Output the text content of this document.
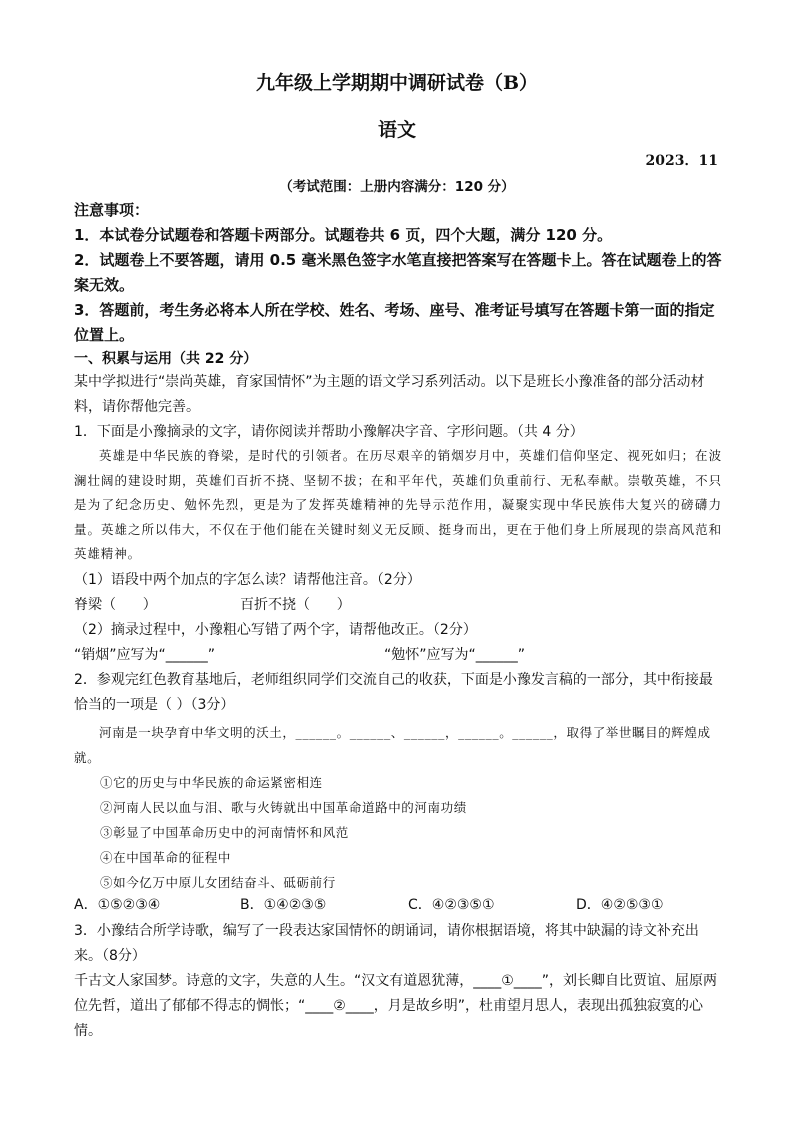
九年级上学期期中调研试卷（B）
语文
2023．11
（考试范围：上册内容满分：120 分）

注意事项：

1．本试卷分试题卷和答题卡两部分。试题卷共 6 页，四个大题，满分 120 分。

2．试题卷上不要答题，请用 0.5 毫米黑色签字水笔直接把答案写在答题卡上。答在试题卷上的答案无效。

3．答题前，考生务必将本人所在学校、姓名、考场、座号、准考证号填写在答题卡第一面的指定位置上。

一、积累与运用（共 22 分）
某中学拟进行“崇尚英雄，育家国情怀”为主题的语文学习系列活动。以下是班长小豫准备的部分活动材料，请你帮他完善。
1．下面是小豫摘录的文字，请你阅读并帮助小豫解决字音、字形问题。（共 4 分）
英雄是中华民族的脊梁，是时代的引领者。在历尽艰辛的销烟岁月中，英雄们信仰坚定、视死如归；在波澜壮阔的建设时期，英雄们百折不挠、坚韧不拔；在和平年代，英雄们负重前行、无私奉献。崇敬英雄，不只是为了纪念历史、勉怀先烈，更是为了发挥英雄精神的先导示范作用，凝聚实现中华民族伟大复兴的磅礴力量。英雄之所以伟大，不仅在于他们能在关键时刻义无反顾、挺身而出，更在于他们身上所展现的崇高风范和英雄精神。

（1）语段中两个加点的字怎么读？请帮他注音。（2分）

脊梁（      ）	百折不挠（      ）

（2）摘录过程中，小豫粗心写错了两个字，请帮他改正。（2分）

“销烟”应写为“______”	“勉怀”应写为“______”
2．参观完红色教育基地后，老师组织同学们交流自己的收获，下面是小豫发言稿的一部分，其中衔接最恰当的一项是（ ）（3分）
河南是一块孕育中华文明的沃土，______。______、______，______。______，取得了举世瞩目的辉煌成就。

①它的历史与中华民族的命运紧密相连

②河南人民以血与泪、歌与火铸就出中国革命道路中的河南功绩

③彰显了中国革命历史中的河南情怀和风范

④在中国革命的征程中

⑤如今亿万中原儿女团结奋斗、砥砺前行

A．①⑤②③④	B．①④②③⑤	C．④②③⑤①	D．④②⑤③①

3．小豫结合所学诗歌，编写了一段表达家国情怀的朗诵词，请你根据语境，将其中缺漏的诗文补充出来。（8分）

千古文人家国梦。诗意的文字，失意的人生。“汉文有道恩犹薄，____①____”，刘长卿自比贾谊、屈原两位先哲，道出了郁郁不得志的惆怅；“____②____，月是故乡明”，杜甫望月思人，表现出孤独寂寞的心情。
